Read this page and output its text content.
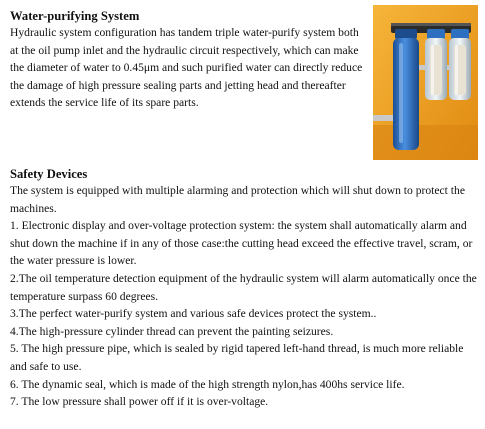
Water-purifying System

Hydraulic system configuration has tandem triple water-purify system both at the oil pump inlet and the hydraulic circuit respectively, which can make the diameter of water to 0.45μm and such purified water can directly reduce the damage of high pressure sealing parts and jetting head and thereafter extends the service life of its spare parts.

Safety Devices

The system is equipped with multiple alarming and protection which will shut down to protect the machines.

1. Electronic display and over-voltage protection system: the system shall automatically alarm and shut down the machine if in any of those case:the cutting head exceed the effective travel, scram, or the water pressure is lower.

2.The oil temperature detection equipment of the hydraulic system will alarm automatically once the temperature surpass 60 degrees.

3.The perfect water-purify system and various safe devices protect the system..

4.The high-pressure cylinder thread can prevent the painting seizures.

5. The high pressure pipe, which is sealed by rigid tapered left-hand thread, is much more reliable and safe to use.

6. The dynamic seal, which is made of the high strength nylon,has 400hs service life.

7. The low pressure shall power off if it is over-voltage.
